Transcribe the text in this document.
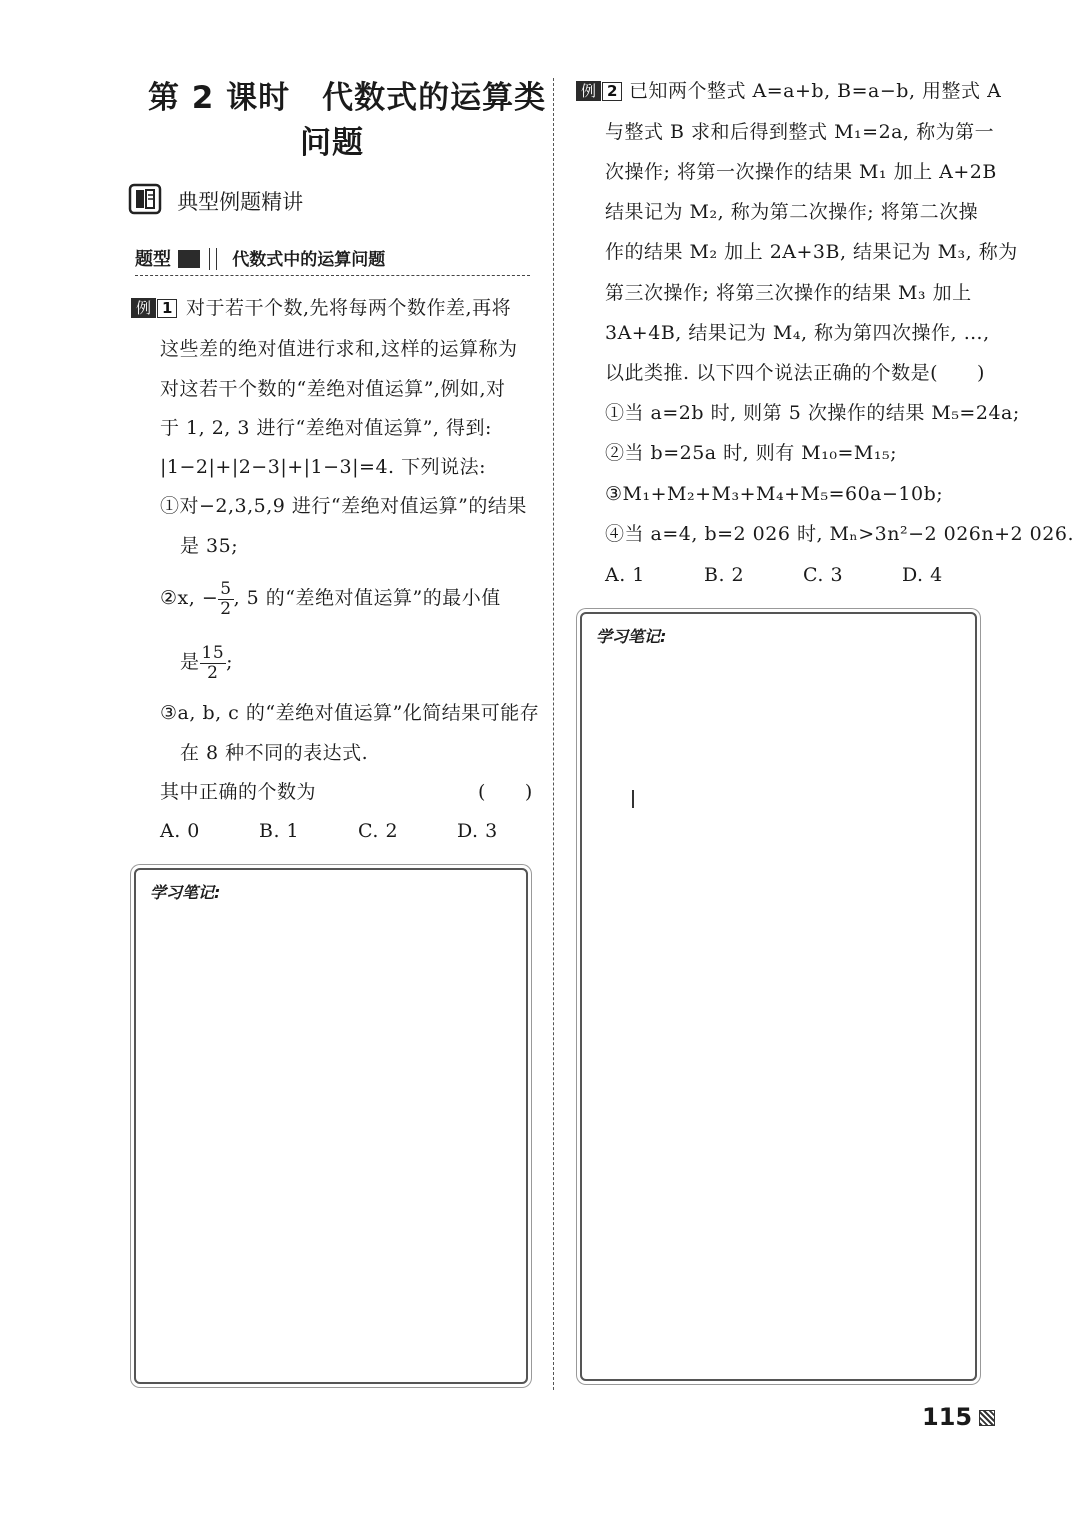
第 2 课时　代数式的运算类
问题
典型例题精讲
题型	代数式中的运算问题
例 1 对于若干个数,先将每两个数作差,再将
这些差的绝对值进行求和,这样的运算称为
对这若干个数的“差绝对值运算”,例如,对
于 1, 2, 3 进行“差绝对值运算”, 得到:
|1−2|+|2−3|+|1−3|=4. 下列说法:
①对−2,3,5,9 进行“差绝对值运算”的结果
是 35;
②x, − $\frac{5}{2}$ , 5 的“差绝对值运算”的最小值
是 $\frac{15}{2}$ ;
③a, b, c 的“差绝对值运算”化简结果可能存
在 8 种不同的表达式.
其中正确的个数为	(　　)
A. 0	B. 1	C. 2	D. 3
学习笔记:
例 2 已知两个整式 A=a+b, B=a−b, 用整式 A
与整式 B 求和后得到整式 M₁=2a, 称为第一
次操作; 将第一次操作的结果 M₁ 加上 A+2B
结果记为 M₂, 称为第二次操作; 将第二次操
作的结果 M₂ 加上 2A+3B, 结果记为 M₃, 称为
第三次操作; 将第三次操作的结果 M₃ 加上
3A+4B, 结果记为 M₄, 称为第四次操作, …,
以此类推. 以下四个说法正确的个数是(　　)
①当 a=2b 时, 则第 5 次操作的结果 M₅=24a;
②当 b=25a 时, 则有 M₁₀=M₁₅;
③M₁+M₂+M₃+M₄+M₅=60a−10b;
④当 a=4, b=2 026 时, Mₙ>3n²−2 026n+2 026.
A. 1	B. 2	C. 3	D. 4
学习笔记:
115
